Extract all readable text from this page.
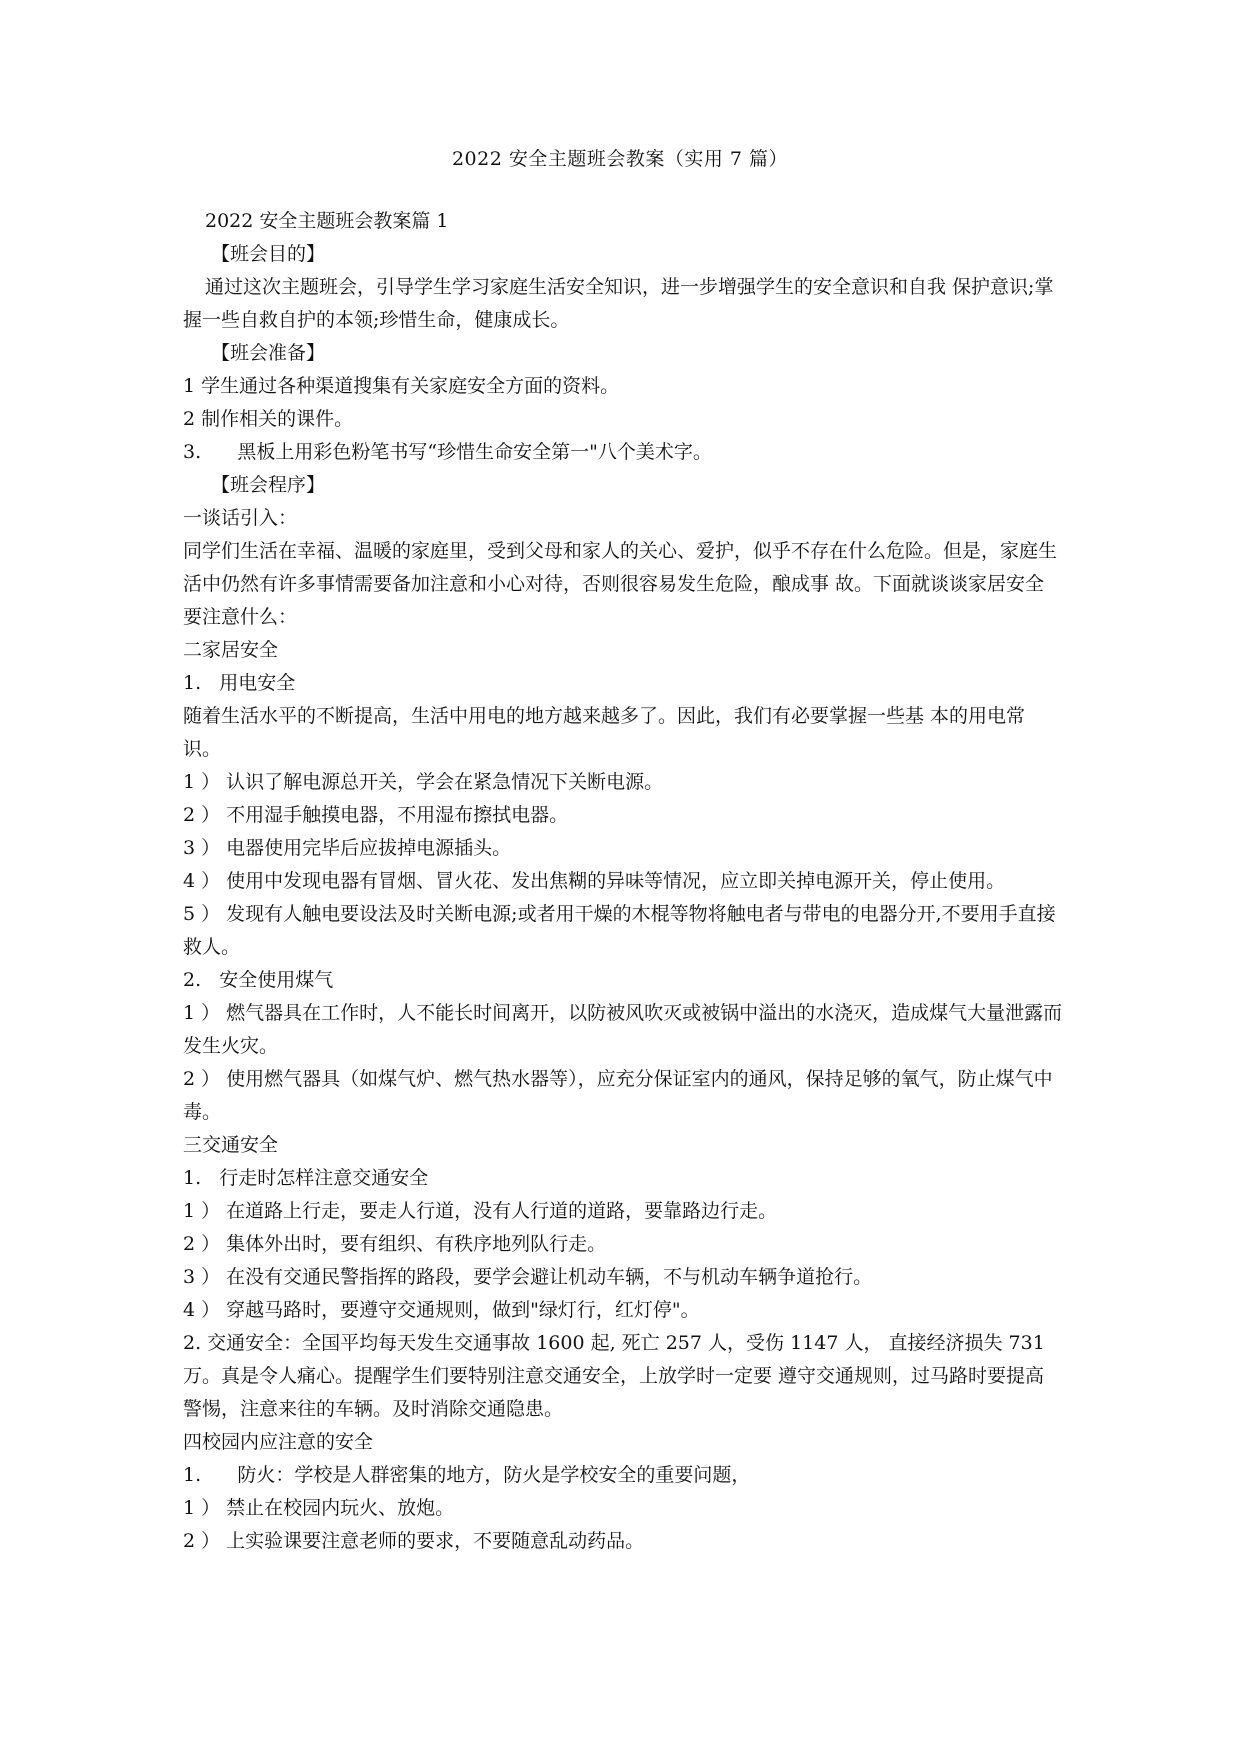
2022 安全主题班会教案（实用 7 篇）

2022 安全主题班会教案篇 1

【班会目的】

通过这次主题班会，引导学生学习家庭生活安全知识，进一步增强学生的安全意识和自我 保护意识;掌握一些自救自护的本领;珍惜生命，健康成长。

【班会准备】

1 学生通过各种渠道搜集有关家庭安全方面的资料。

2 制作相关的课件。

3.      黑板上用彩色粉笔书写“珍惜生命安全第一"八个美术字。

【班会程序】

一谈话引入：

同学们生活在幸福、温暖的家庭里，受到父母和家人的关心、爱护，似乎不存在什么危险。但是，家庭生活中仍然有许多事情需要备加注意和小心对待，否则很容易发生危险，酿成事 故。下面就谈谈家居安全要注意什么：

二家居安全

1.   用电安全

随着生活水平的不断提高，生活中用电的地方越来越多了。因此，我们有必要掌握一些基 本的用电常识。

1 ） 认识了解电源总开关，学会在紧急情况下关断电源。

2 ） 不用湿手触摸电器，不用湿布擦拭电器。

3 ） 电器使用完毕后应拔掉电源插头。

4 ） 使用中发现电器有冒烟、冒火花、发出焦糊的异味等情况，应立即关掉电源开关，停止使用。

5 ） 发现有人触电要设法及时关断电源;或者用干燥的木棍等物将触电者与带电的电器分开,不要用手直接救人。

2.   安全使用煤气

1 ） 燃气器具在工作时，人不能长时间离开，以防被风吹灭或被锅中溢出的水浇灭，造成煤气大量泄露而发生火灾。

2 ） 使用燃气器具（如煤气炉、燃气热水器等），应充分保证室内的通风，保持足够的氧气，防止煤气中毒。

三交通安全

1.   行走时怎样注意交通安全

1 ） 在道路上行走，要走人行道，没有人行道的道路，要靠路边行走。

2 ） 集体外出时，要有组织、有秩序地列队行走。

3 ） 在没有交通民警指挥的路段，要学会避让机动车辆，不与机动车辆争道抢行。

4 ） 穿越马路时，要遵守交通规则，做到"绿灯行，红灯停"。

2. 交通安全：全国平均每天发生交通事故 1600 起, 死亡 257 人，受伤 1147 人， 直接经济损失 731 万。真是令人痛心。提醒学生们要特别注意交通安全，上放学时一定要 遵守交通规则，过马路时要提高警惕，注意来往的车辆。及时消除交通隐患。

四校园内应注意的安全

1.      防火：学校是人群密集的地方，防火是学校安全的重要问题，

1 ） 禁止在校园内玩火、放炮。

2 ） 上实验课要注意老师的要求，不要随意乱动药品。
